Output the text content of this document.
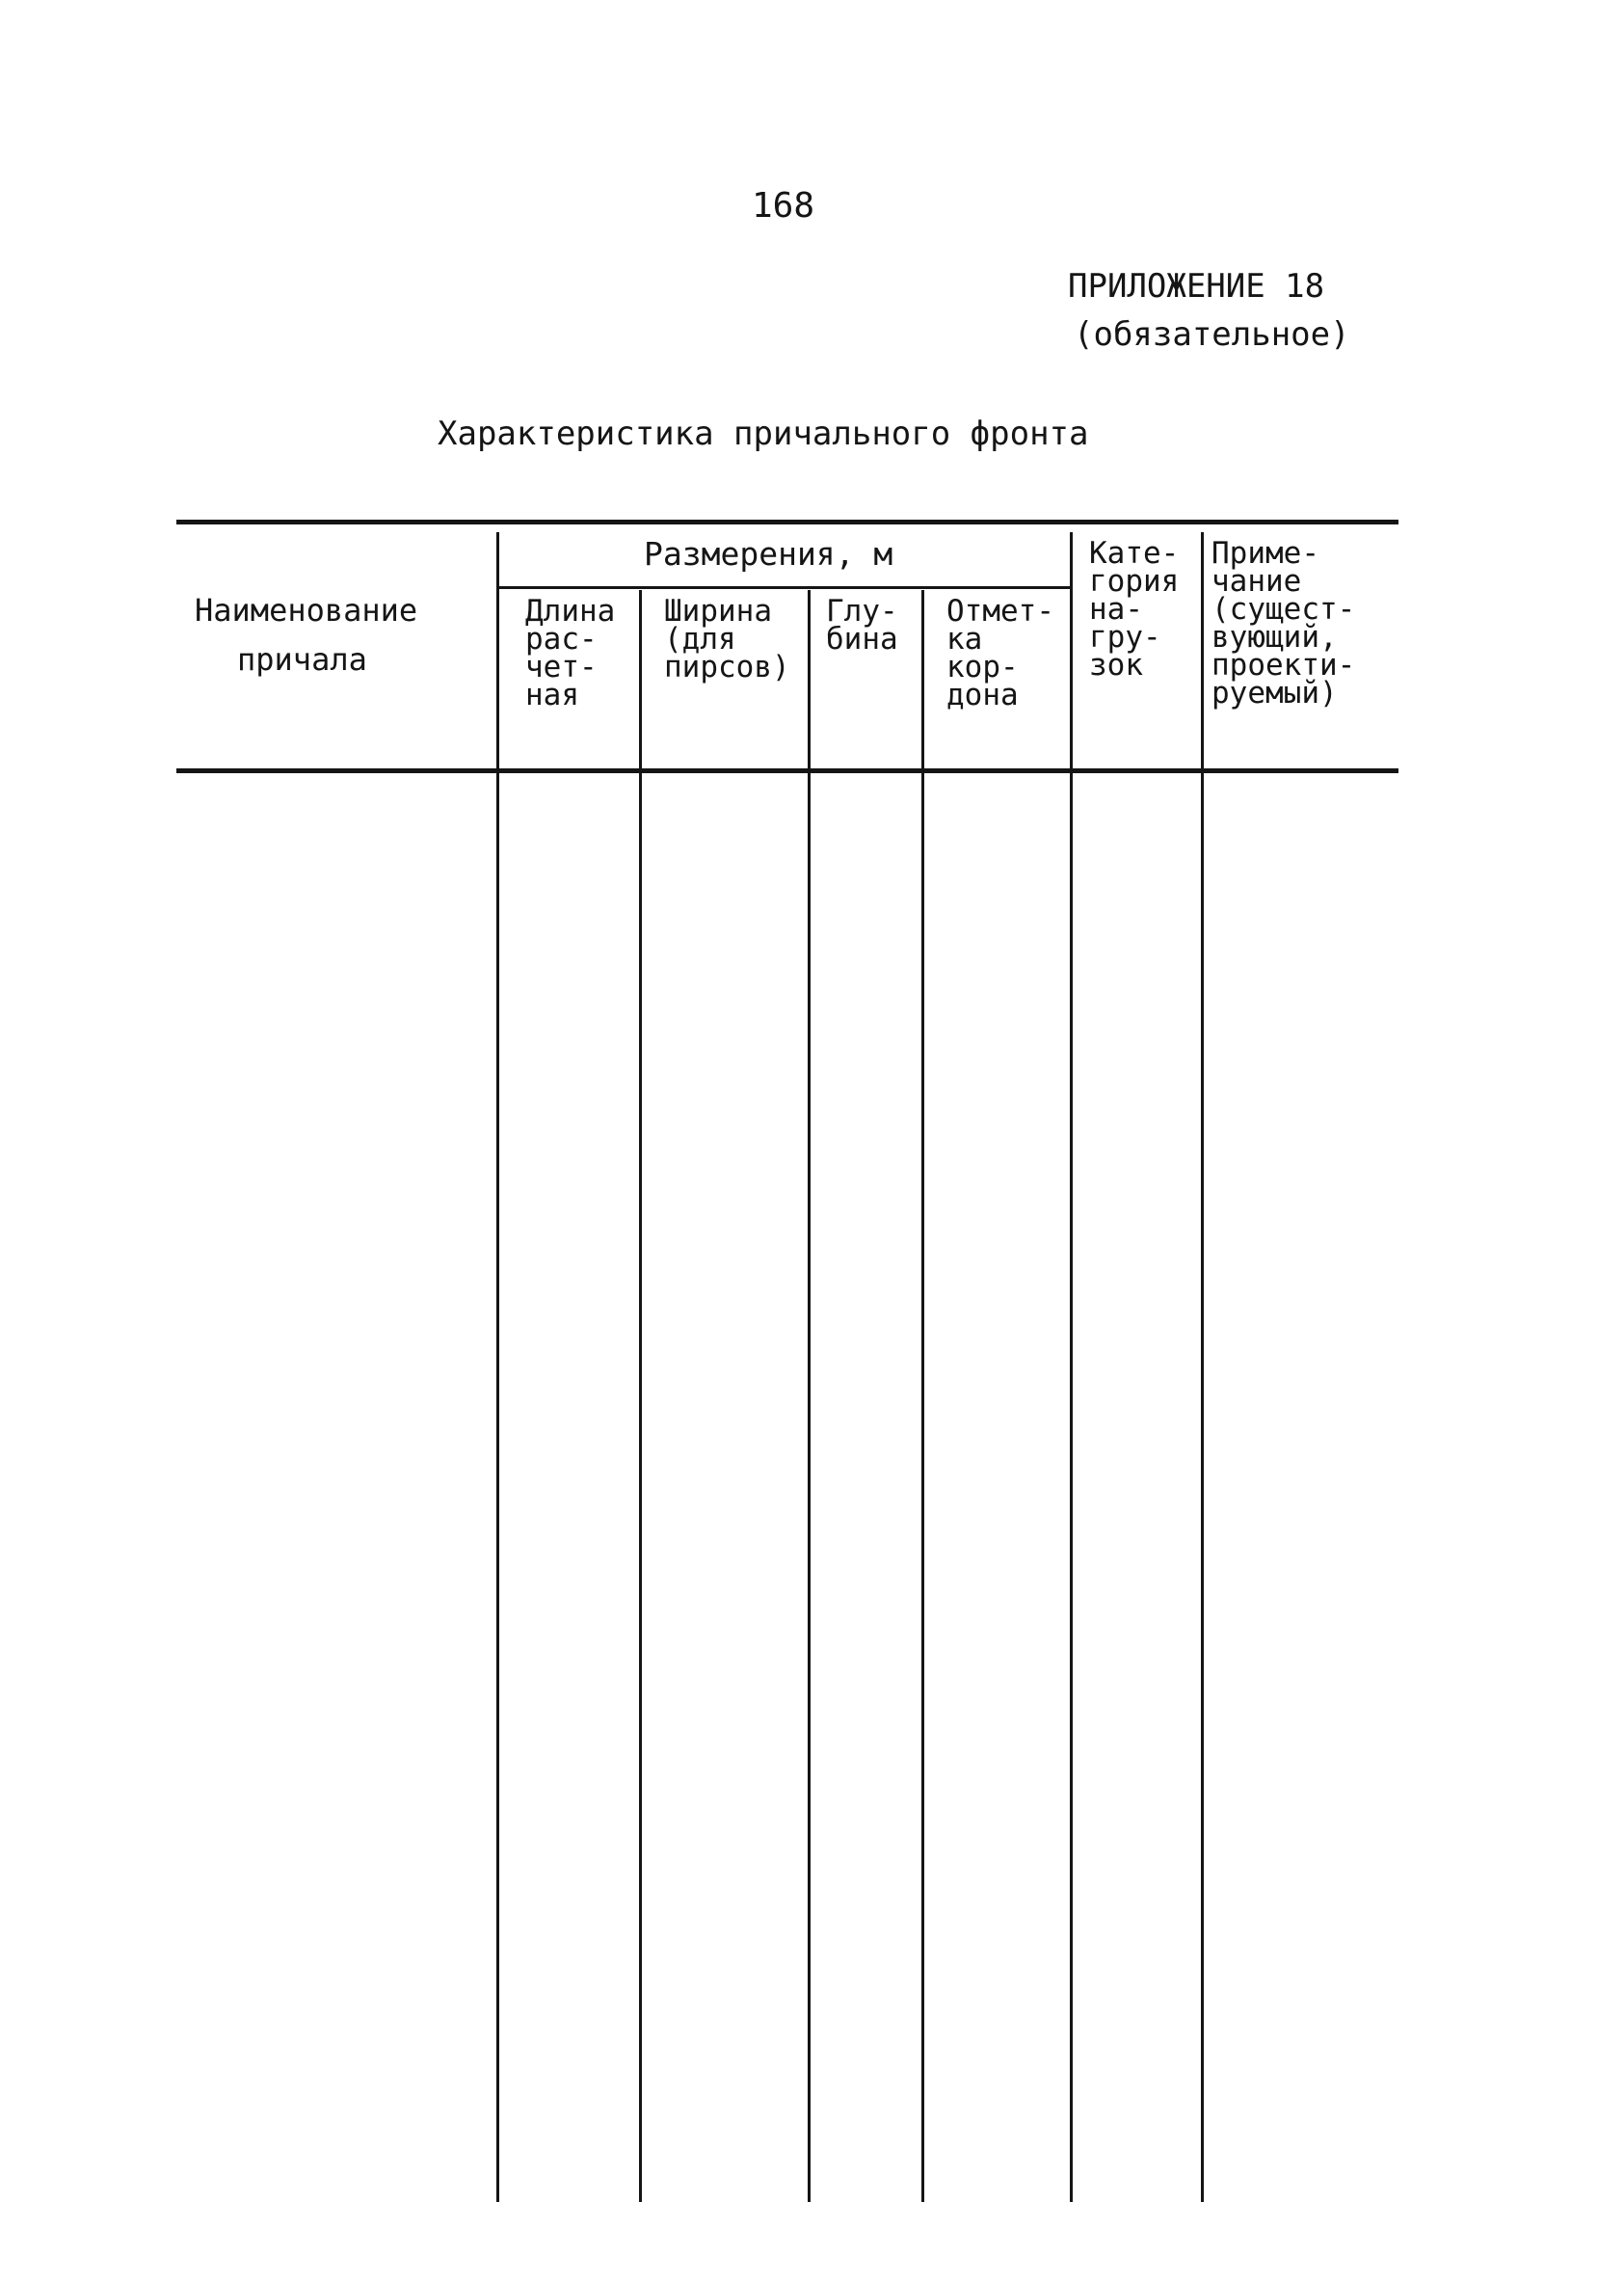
168

ПРИЛОЖЕНИЕ 18
(обязательное)
Характеристика причального фронта
Наименование
причала
Размерения, м
Длина
рас-
чет-
ная
Ширина
(для
пирсов)
Глу-
бина
Отмет-
ка
кор-
дона
Кате-
гория
на-
гру-
зок
Приме-
чание
(сущест-
вующий,
проекти-
руемый)
